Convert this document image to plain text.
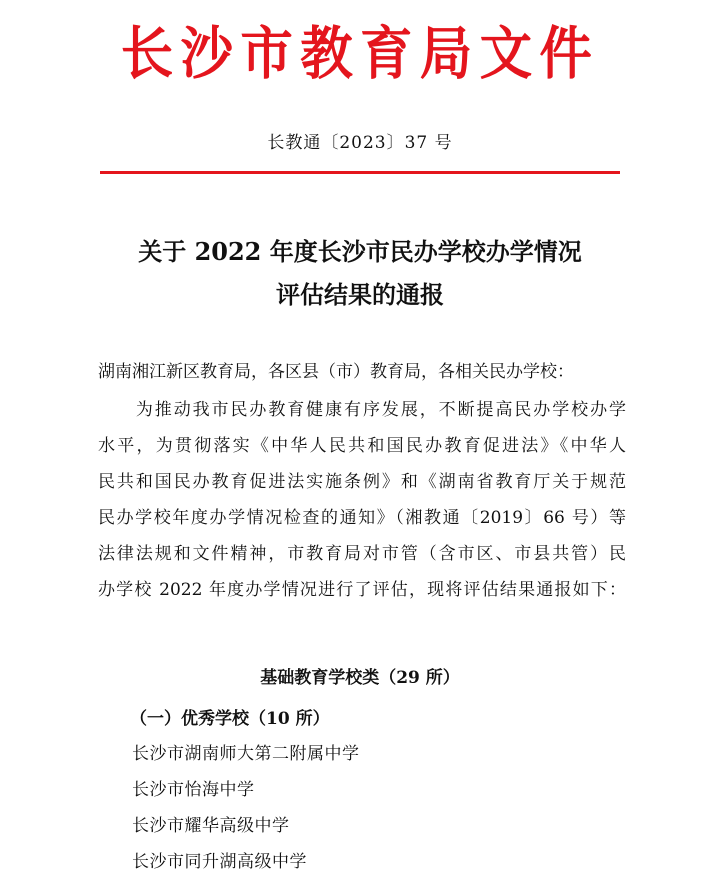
长沙市教育局文件
长教通〔2023〕37 号
关于 2022 年度长沙市民办学校办学情况
评估结果的通报
湖南湘江新区教育局，各区县（市）教育局，各相关民办学校：
　　为推动我市民办教育健康有序发展，不断提高民办学校办学
水平，为贯彻落实《中华人民共和国民办教育促进法》《中华人
民共和国民办教育促进法实施条例》和《湖南省教育厅关于规范
民办学校年度办学情况检查的通知》（湘教通〔2019〕66 号）等
法律法规和文件精神，市教育局对市管（含市区、市县共管）民
办学校 2022 年度办学情况进行了评估，现将评估结果通报如下：
基础教育学校类（29 所）
（一）优秀学校（10 所）
长沙市湖南师大第二附属中学
长沙市怡海中学
长沙市耀华高级中学
长沙市同升湖高级中学
